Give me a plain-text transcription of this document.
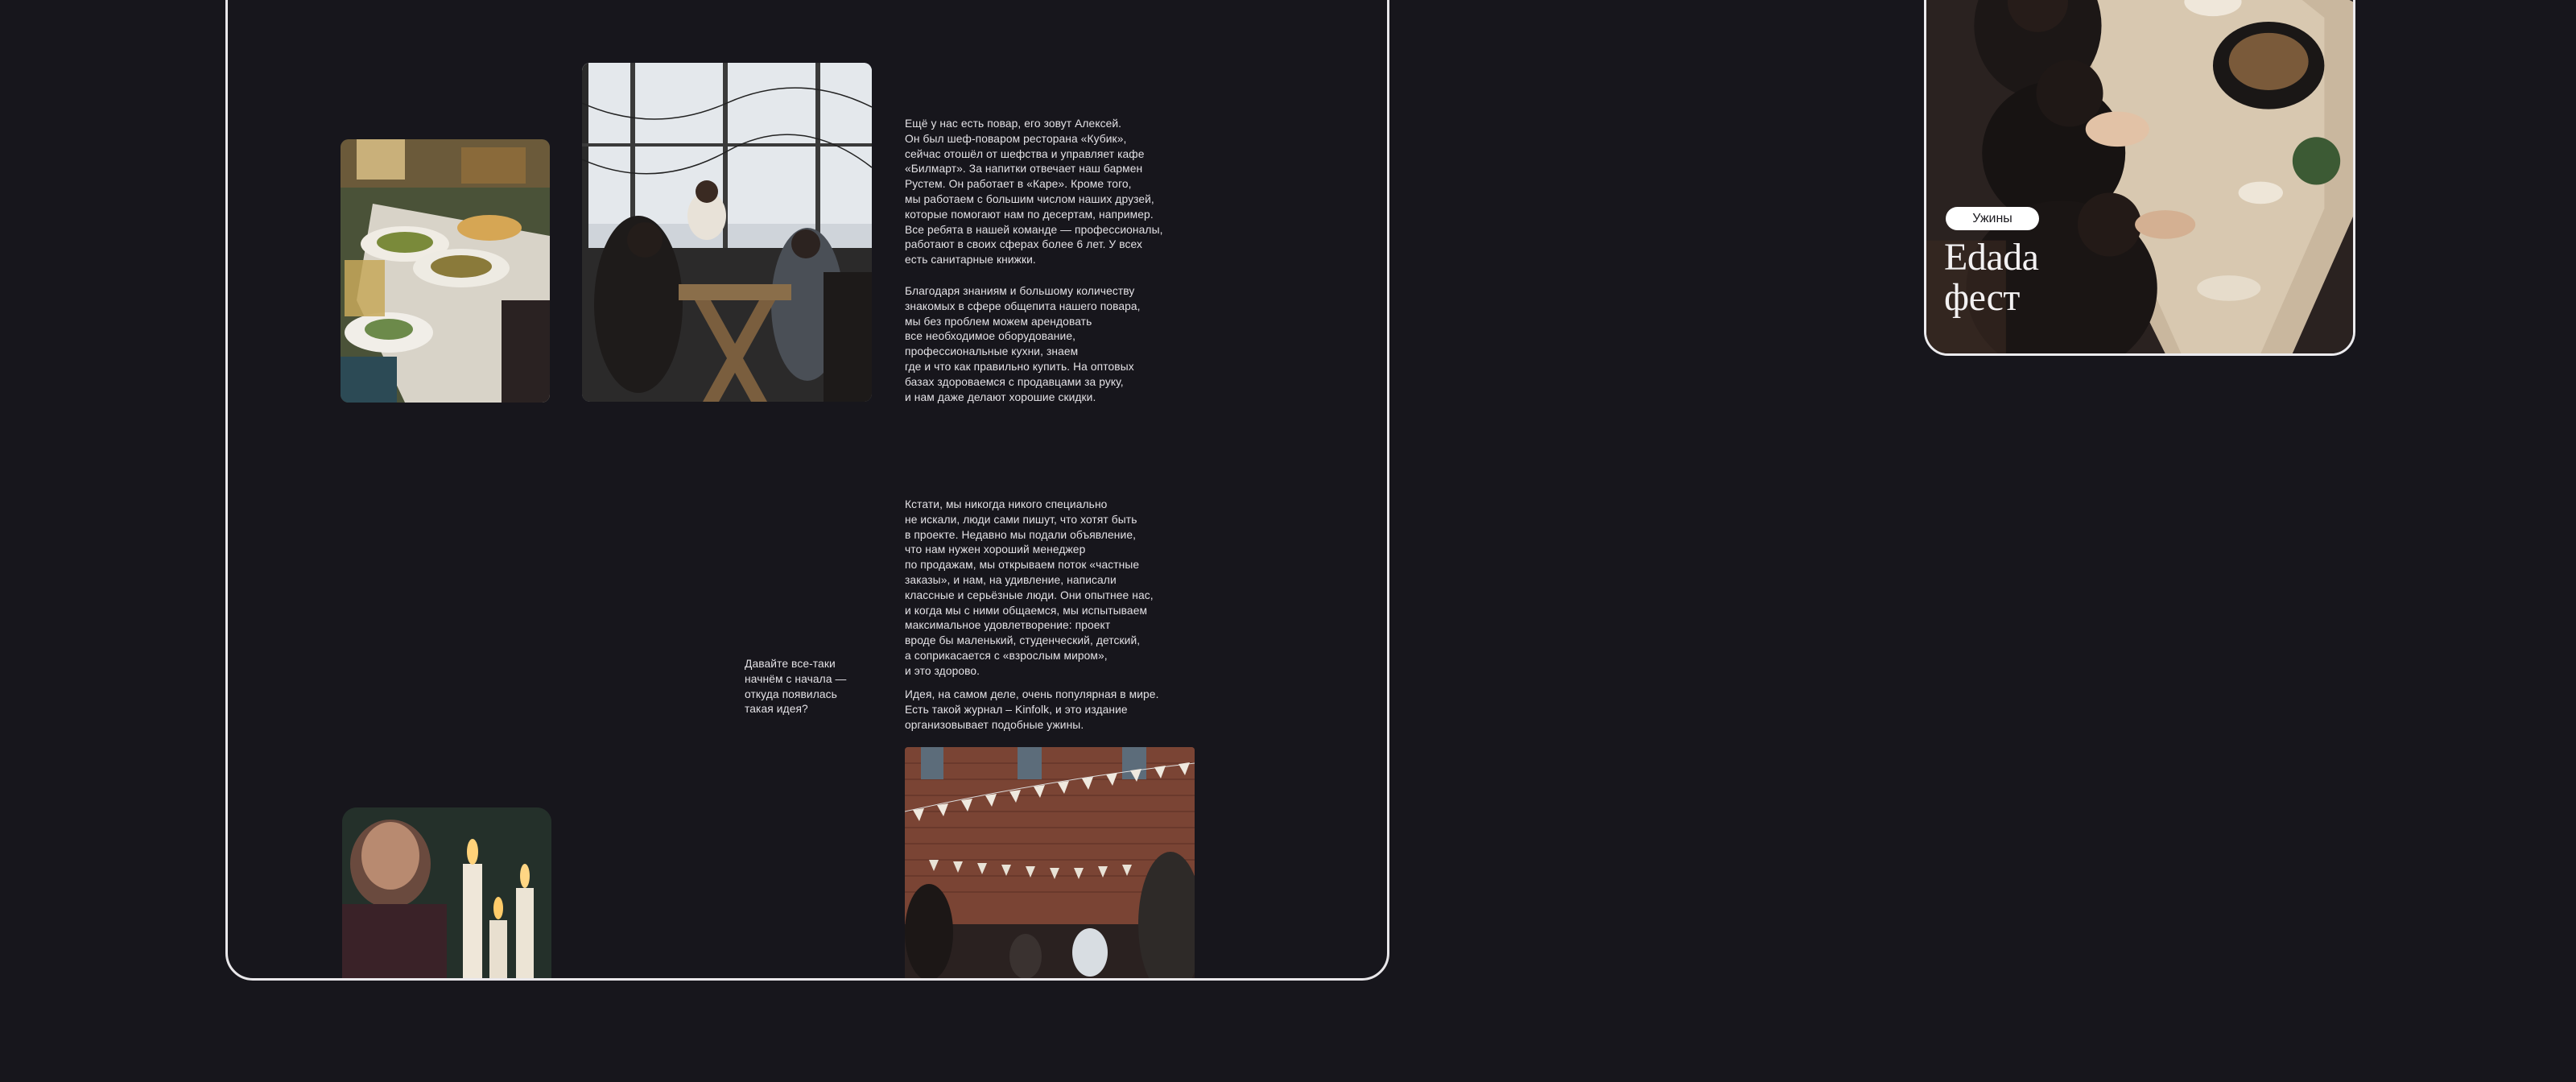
Ещё у нас есть повар, его зовут Алексей.
Он был шеф-поваром ресторана «Кубик»,
сейчас отошёл от шефства и управляет кафе
«Билмарт». За напитки отвечает наш бармен
Рустем. Он работает в «Каре». Кроме того,
мы работаем с большим числом наших друзей,
которые помогают нам по десертам, например.
Все ребята в нашей команде — профессионалы,
работают в своих сферах более 6 лет. У всех
есть санитарные книжки.
Благодаря знаниям и большому количеству
знакомых в сфере общепита нашего повара,
мы без проблем можем арендовать
все необходимое оборудование,
профессиональные кухни, знаем
где и что как правильно купить. На оптовых
базах здороваемся с продавцами за руку,
и нам даже делают хорошие скидки.
Давайте все-таки
начнём с начала —
откуда появилась
такая идея?
Кстати, мы никогда никого специально
не искали, люди сами пишут, что хотят быть
в проекте. Недавно мы подали объявление,
что нам нужен хороший менеджер
по продажам, мы открываем поток «частные
заказы», и нам, на удивление, написали
классные и серьёзные люди. Они опытнее нас,
и когда мы с ними общаемся, мы испытываем
максимальное удовлетворение: проект
вроде бы маленький, студенческий, детский,
а соприкасается с «взрослым миром»,
и это здорово.
Идея, на самом деле, очень популярная в мире.
Есть такой журнал – Kinfolk, и это издание
организовывает подобные ужины.
Ужины
Edada
фест
